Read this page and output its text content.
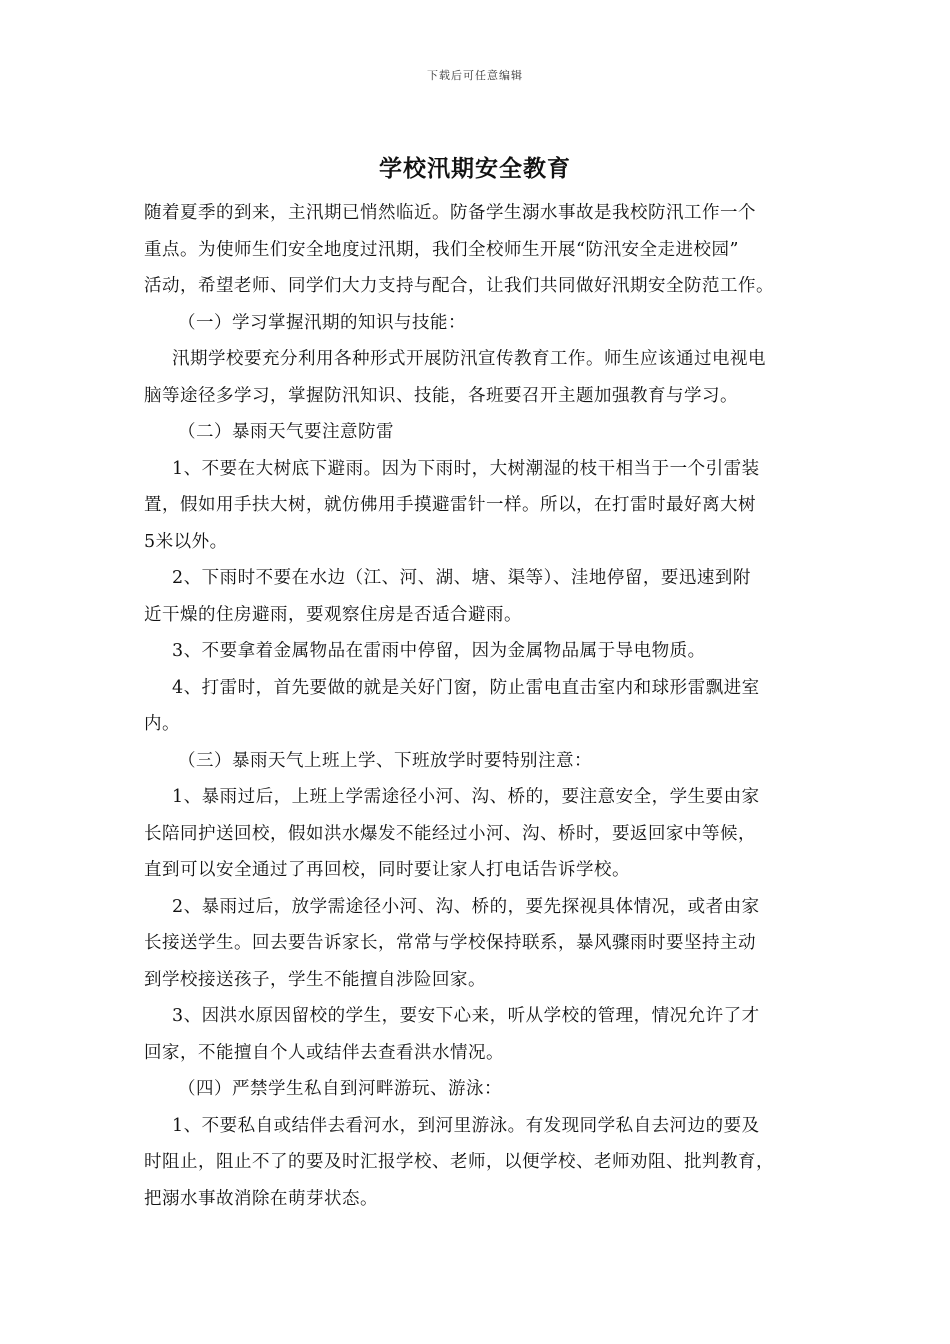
下载后可任意编辑
学校汛期安全教育
随着夏季的到来，主汛期已悄然临近。防备学生溺水事故是我校防汛工作一个
重点。为使师生们安全地度过汛期，我们全校师生开展“防汛安全走进校园”
活动，希望老师、同学们大力支持与配合，让我们共同做好汛期安全防范工作。
（一）学习掌握汛期的知识与技能：
汛期学校要充分利用各种形式开展防汛宣传教育工作。师生应该通过电视电
脑等途径多学习，掌握防汛知识、技能，各班要召开主题加强教育与学习。
（二）暴雨天气要注意防雷
1、不要在大树底下避雨。因为下雨时，大树潮湿的枝干相当于一个引雷装
置，假如用手扶大树，就仿佛用手摸避雷针一样。所以，在打雷时最好离大树
5米以外。
2、下雨时不要在水边（江、河、湖、塘、渠等）、洼地停留，要迅速到附
近干燥的住房避雨，要观察住房是否适合避雨。
3、不要拿着金属物品在雷雨中停留，因为金属物品属于导电物质。
4、打雷时，首先要做的就是关好门窗，防止雷电直击室内和球形雷飘进室
内。
（三）暴雨天气上班上学、下班放学时要特别注意：
1、暴雨过后，上班上学需途径小河、沟、桥的，要注意安全，学生要由家
长陪同护送回校，假如洪水爆发不能经过小河、沟、桥时，要返回家中等候，
直到可以安全通过了再回校，同时要让家人打电话告诉学校。
2、暴雨过后，放学需途径小河、沟、桥的，要先探视具体情况，或者由家
长接送学生。回去要告诉家长，常常与学校保持联系，暴风骤雨时要坚持主动
到学校接送孩子，学生不能擅自涉险回家。
3、因洪水原因留校的学生，要安下心来，听从学校的管理，情况允许了才
回家，不能擅自个人或结伴去查看洪水情况。
（四）严禁学生私自到河畔游玩、游泳：
1、不要私自或结伴去看河水，到河里游泳。有发现同学私自去河边的要及
时阻止，阻止不了的要及时汇报学校、老师，以便学校、老师劝阻、批判教育，
把溺水事故消除在萌芽状态。
